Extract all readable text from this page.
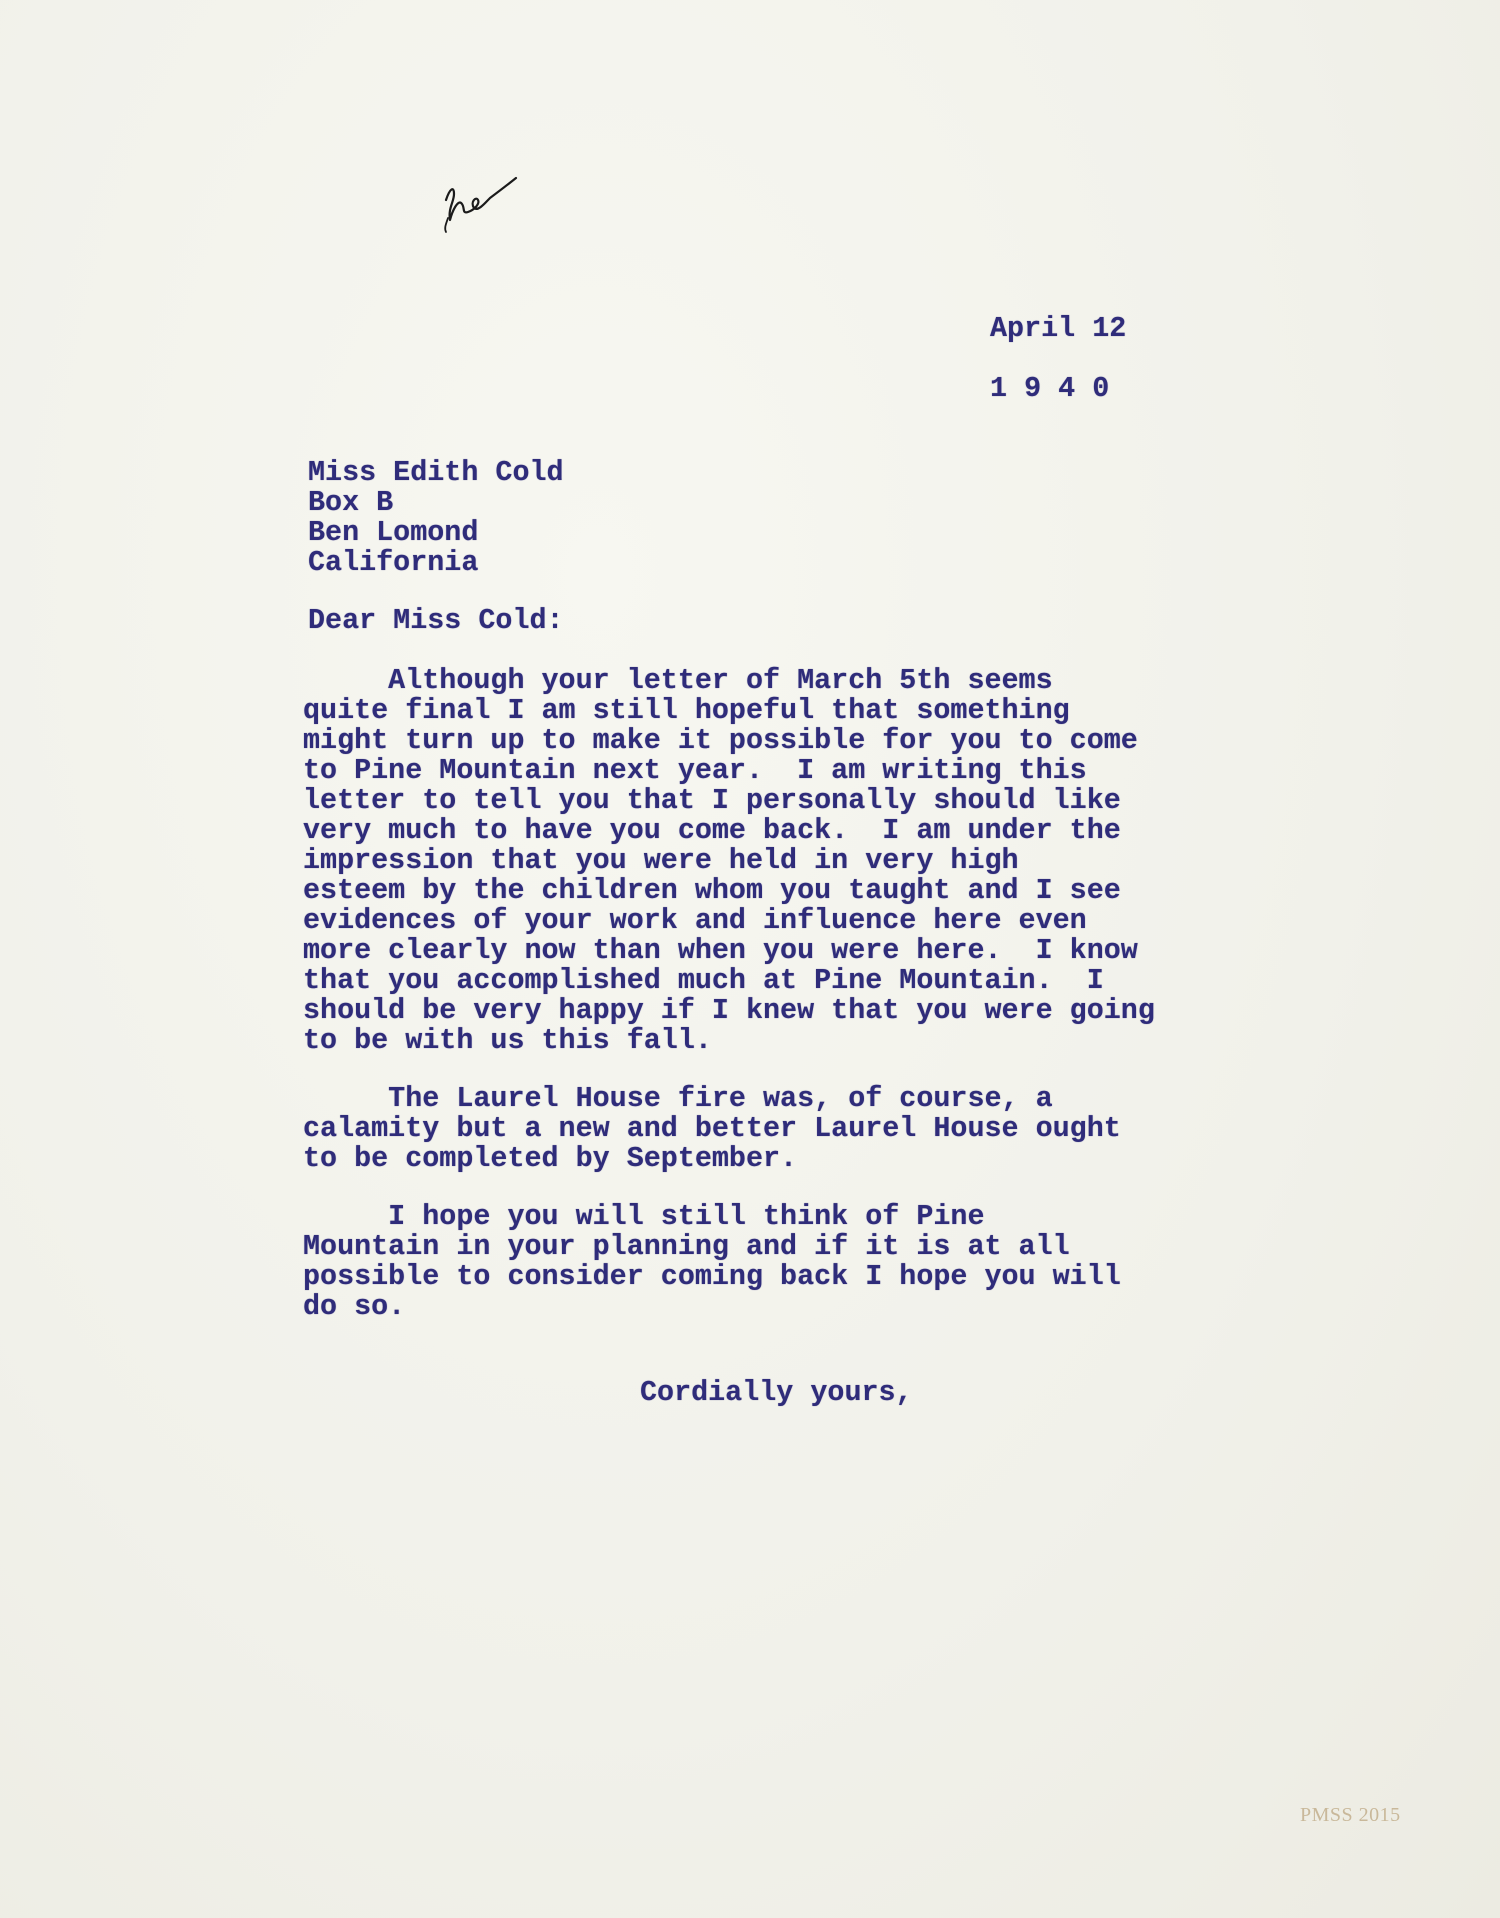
April 12
1 9 4 0
Miss Edith Cold
Box B
Ben Lomond
California
Dear Miss Cold:
Although your letter of March 5th seems
quite final I am still hopeful that something
might turn up to make it possible for you to come
to Pine Mountain next year.  I am writing this
letter to tell you that I personally should like
very much to have you come back.  I am under the
impression that you were held in very high
esteem by the children whom you taught and I see
evidences of your work and influence here even
more clearly now than when you were here.  I know
that you accomplished much at Pine Mountain.  I
should be very happy if I knew that you were going
to be with us this fall.
The Laurel House fire was, of course, a
calamity but a new and better Laurel House ought
to be completed by September.
I hope you will still think of Pine
Mountain in your planning and if it is at all
possible to consider coming back I hope you will
do so.
Cordially yours,
PMSS 2015
